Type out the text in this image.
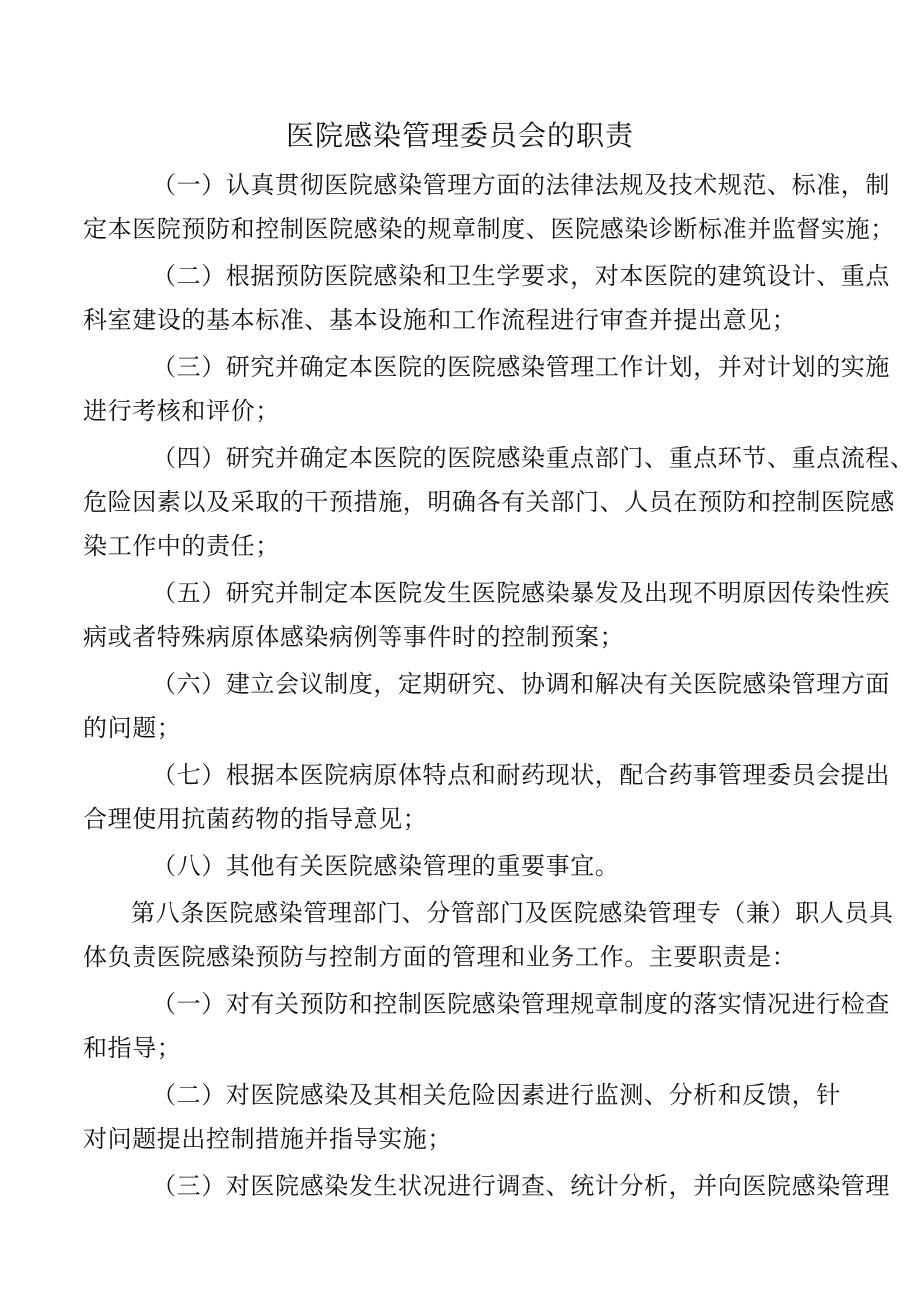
医院感染管理委员会的职责
（一）认真贯彻医院感染管理方面的法律法规及技术规范、标准，制
定本医院预防和控制医院感染的规章制度、医院感染诊断标准并监督实施；
（二）根据预防医院感染和卫生学要求，对本医院的建筑设计、重点
科室建设的基本标准、基本设施和工作流程进行审查并提出意见；
（三）研究并确定本医院的医院感染管理工作计划，并对计划的实施
进行考核和评价；
（四）研究并确定本医院的医院感染重点部门、重点环节、重点流程、
危险因素以及采取的干预措施，明确各有关部门、人员在预防和控制医院感
染工作中的责任；
（五）研究并制定本医院发生医院感染暴发及出现不明原因传染性疾
病或者特殊病原体感染病例等事件时的控制预案；
（六）建立会议制度，定期研究、协调和解决有关医院感染管理方面
的问题；
（七）根据本医院病原体特点和耐药现状，配合药事管理委员会提出
合理使用抗菌药物的指导意见；
（八）其他有关医院感染管理的重要事宜。
第八条医院感染管理部门、分管部门及医院感染管理专（兼）职人员具
体负责医院感染预防与控制方面的管理和业务工作。主要职责是：
（一）对有关预防和控制医院感染管理规章制度的落实情况进行检查
和指导；
（二）对医院感染及其相关危险因素进行监测、分析和反馈，针
对问题提出控制措施并指导实施；
（三）对医院感染发生状况进行调查、统计分析，并向医院感染管理
